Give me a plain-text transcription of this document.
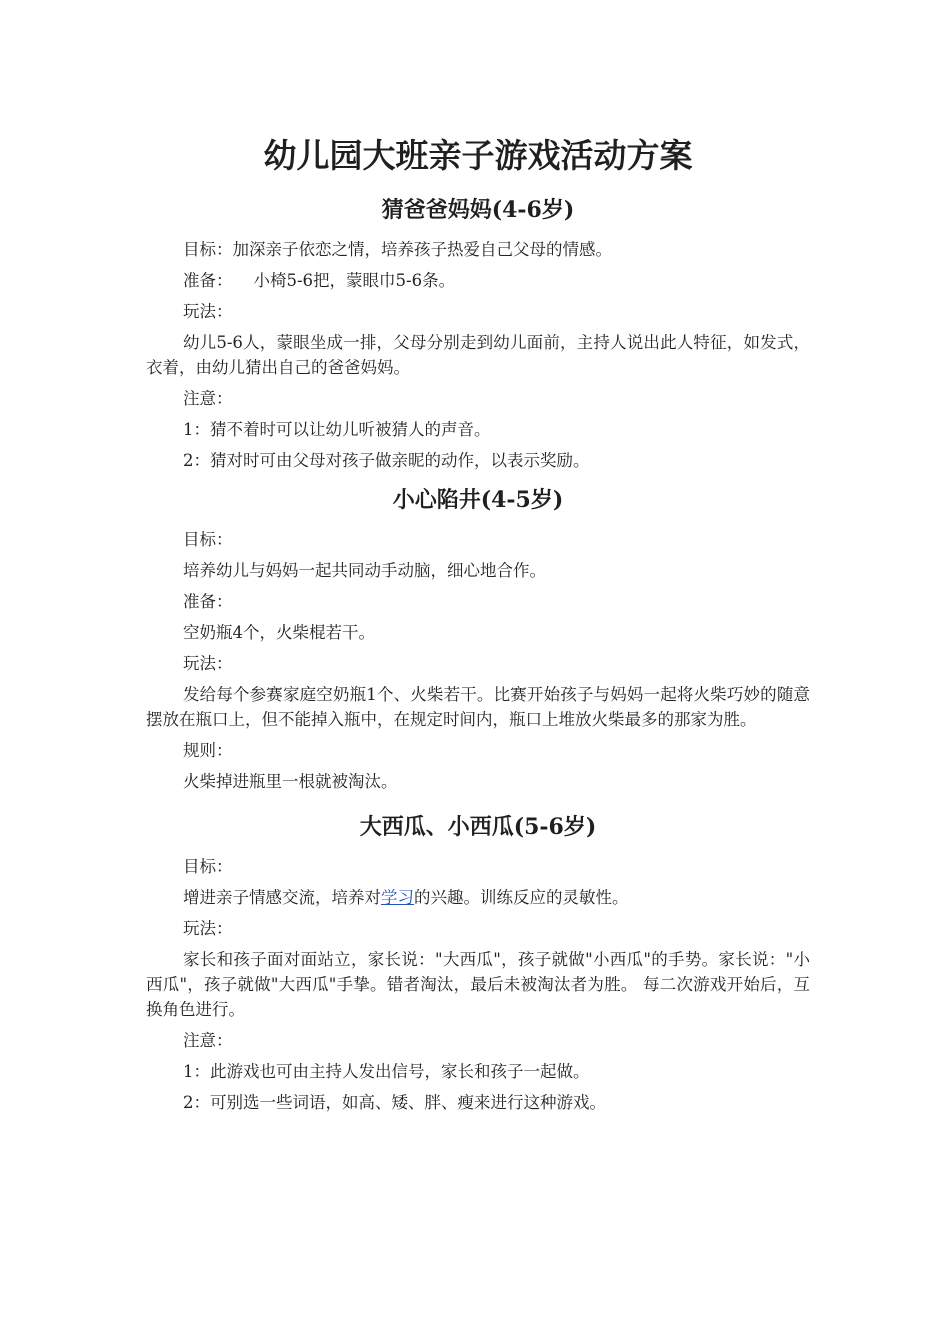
幼儿园大班亲子游戏活动方案
猜爸爸妈妈(4-6岁)

目标：加深亲子依恋之情，培养孩子热爱自己父母的情感。

准备：    小椅5-6把，蒙眼巾5-6条。

玩法：

幼儿5-6人，蒙眼坐成一排，父母分别走到幼儿面前，主持人说出此人特征，如发式，衣着，由幼儿猜出自己的爸爸妈妈。

注意：

1：猜不着时可以让幼儿听被猜人的声音。

2：猜对时可由父母对孩子做亲昵的动作，以表示奖励。

小心陷井(4-5岁)

目标：

培养幼儿与妈妈一起共同动手动脑，细心地合作。

准备：

空奶瓶4个，火柴棍若干。

玩法：

发给每个参赛家庭空奶瓶1个、火柴若干。比赛开始孩子与妈妈一起将火柴巧妙的随意摆放在瓶口上，但不能掉入瓶中，在规定时间内，瓶口上堆放火柴最多的那家为胜。

规则：

火柴掉进瓶里一根就被淘汰。

大西瓜、小西瓜(5-6岁)

目标：

增进亲子情感交流，培养对学习的兴趣。训练反应的灵敏性。

玩法：

家长和孩子面对面站立，家长说："大西瓜"，孩子就做"小西瓜"的手势。家长说："小西瓜"，孩子就做"大西瓜"手挚。错者淘汰，最后未被淘汰者为胜。 每二次游戏开始后，互换角色进行。

注意：

1：此游戏也可由主持人发出信号，家长和孩子一起做。

2：可别选一些词语，如高、矮、胖、瘦来进行这种游戏。
